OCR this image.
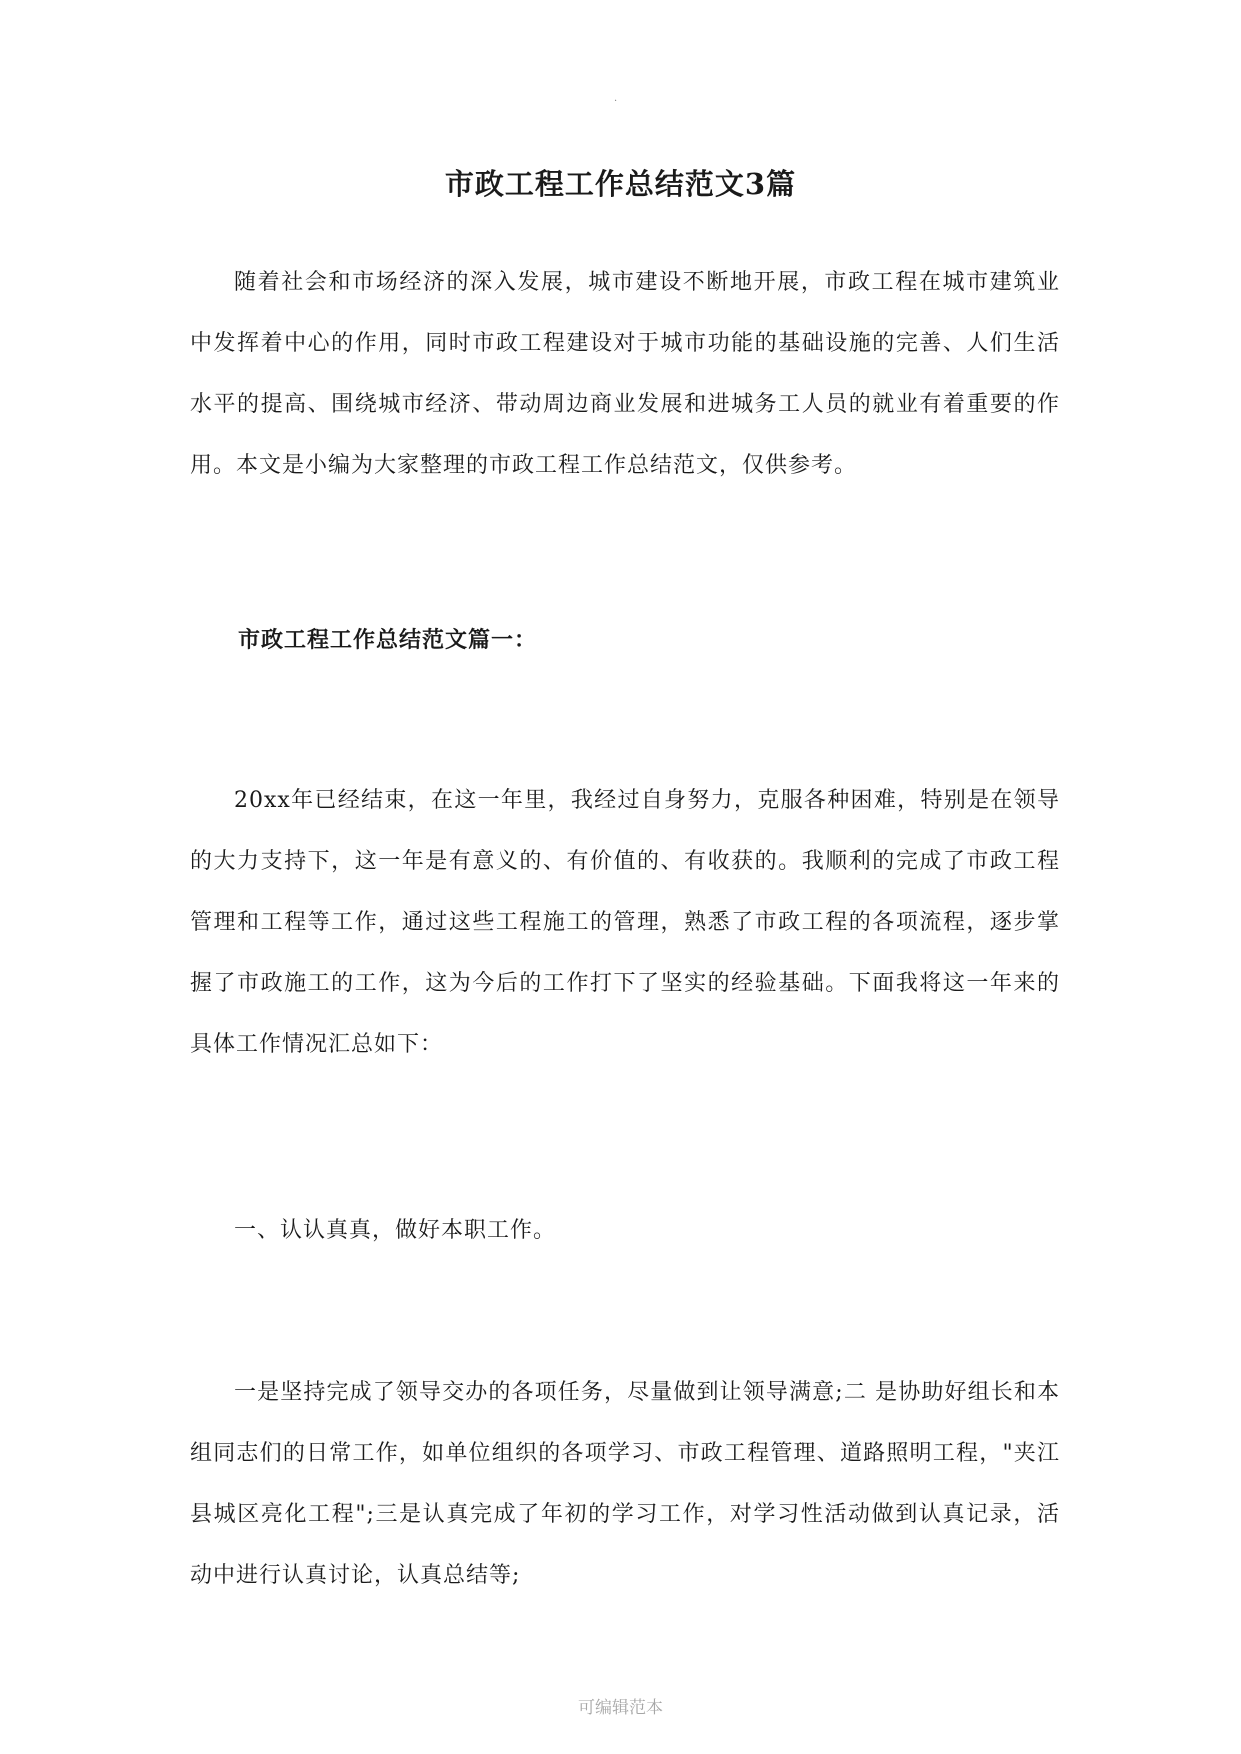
·
市政工程工作总结范文3篇

随着社会和市场经济的深入发展，城市建设不断地开展，市政工程在城市建筑业中发挥着中心的作用，同时市政工程建设对于城市功能的基础设施的完善、人们生活水平的提高、围绕城市经济、带动周边商业发展和进城务工人员的就业有着重要的作用。本文是小编为大家整理的市政工程工作总结范文，仅供参考。

市政工程工作总结范文篇一：

20xx年已经结束，在这一年里，我经过自身努力，克服各种困难，特别是在领导的大力支持下，这一年是有意义的、有价值的、有收获的。我顺利的完成了市政工程管理和工程等工作，通过这些工程施工的管理，熟悉了市政工程的各项流程，逐步掌握了市政施工的工作，这为今后的工作打下了坚实的经验基础。下面我将这一年来的具体工作情况汇总如下：

一、认认真真，做好本职工作。

一是坚持完成了领导交办的各项任务，尽量做到让领导满意;二 是协助好组长和本组同志们的日常工作，如单位组织的各项学习、市政工程管理、道路照明工程，"夹江县城区亮化工程";三是认真完成了年初的学习工作，对学习性活动做到认真记录，活动中进行认真讨论，认真总结等;

可编辑范本
